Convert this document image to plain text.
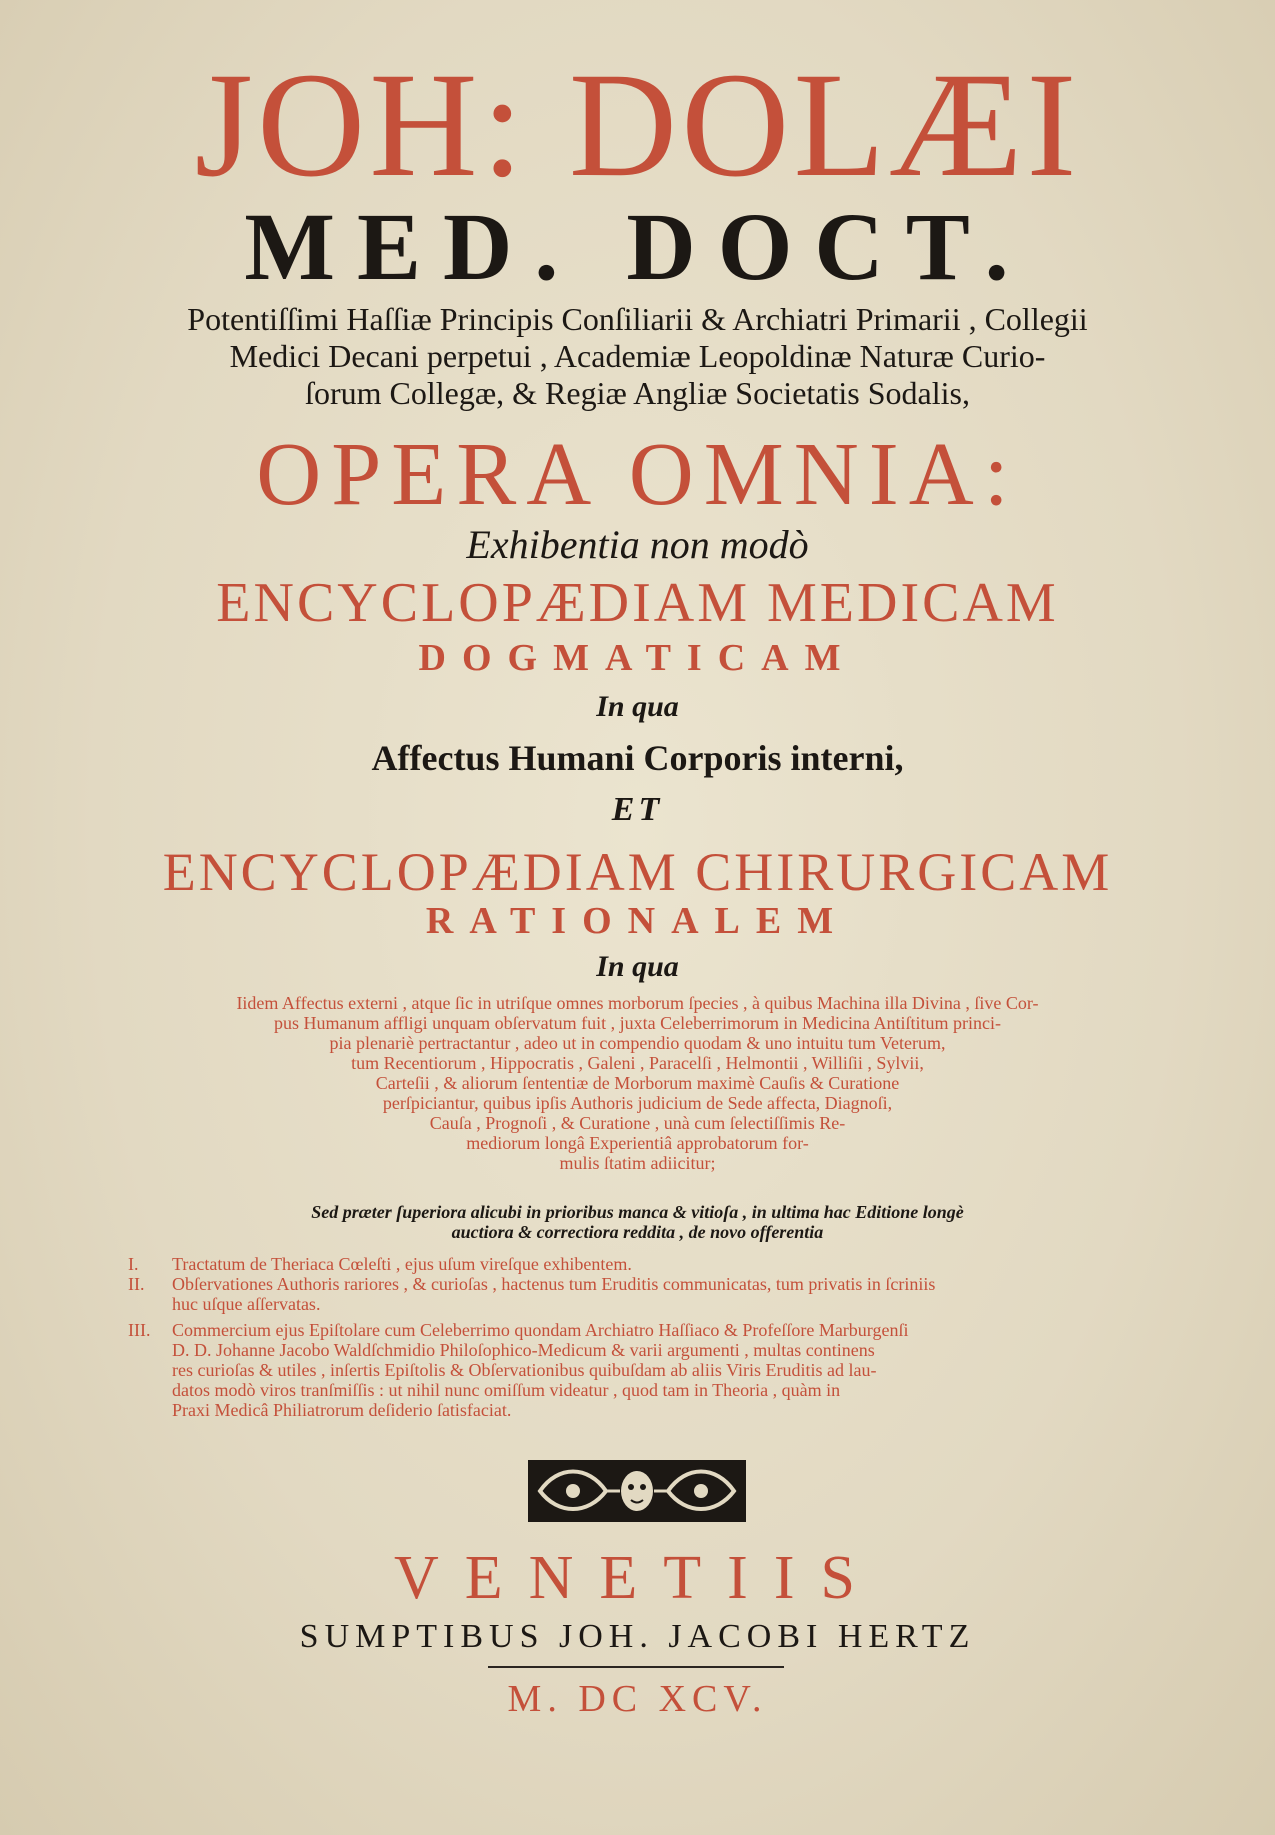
JOH: DOLÆI
MED. DOCT.
Potentiſſimi Haſſiæ Principis Conſiliarii & Archiatri Primarii , Collegii
Medici Decani perpetui , Academiæ Leopoldinæ Naturæ Curio-
ſorum Collegæ, & Regiæ Angliæ Societatis Sodalis,
OPERA OMNIA:
Exhibentia non modò
ENCYCLOPÆDIAM MEDICAM
DOGMATICAM
In qua
Affectus Humani Corporis interni,
ET
ENCYCLOPÆDIAM CHIRURGICAM
RATIONALEM
In qua
Iidem Affectus externi , atque ſic in utriſque omnes morborum ſpecies , à quibus Machina illa Divina , ſive Cor-
pus Humanum affligi unquam obſervatum fuit , juxta Celeberrimorum in Medicina Antiſtitum princi-
pia plenariè pertractantur , adeo ut in compendio quodam & uno intuitu tum Veterum,
tum Recentiorum , Hippocratis , Galeni , Paracelſi , Helmontii , Williſii , Sylvii,
Carteſii , & aliorum ſententiæ de Morborum maximè Cauſis & Curatione
perſpiciantur, quibus ipſis Authoris judicium de Sede affecta, Diagnoſi,
Cauſa , Prognoſi , & Curatione , unà cum ſelectiſſimis Re-
mediorum longâ Experientiâ approbatorum for-
mulis ſtatim adiicitur;
Sed præter ſuperiora alicubi in prioribus manca & vitioſa , in ultima hac Editione longè
auctiora & correctiora reddita , de novo offerentia
I. Tractatum de Theriaca Cœleſti , ejus uſum vireſque exhibentem.
II. Obſervationes Authoris rariores , & curioſas , hactenus tum Eruditis communicatas, tum privatis in ſcriniis
huc uſque aſſervatas.
III. Commercium ejus Epiſtolare cum Celeberrimo quondam Archiatro Haſſiaco & Profeſſore Marburgenſi
D. D. Johanne Jacobo Waldſchmidio Philoſophico-Medicum & varii argumenti , multas continens
res curioſas & utiles , inſertis Epiſtolis & Obſervationibus quibuſdam ab aliis Viris Eruditis ad lau-
datos modò viros tranſmiſſis : ut nihil nunc omiſſum videatur , quod tam in Theoria , quàm in
Praxi Medicâ Philiatrorum deſiderio ſatisfaciat.
VENETIIS
SUMPTIBUS JOH. JACOBI HERTZ
M. DC XCV.
